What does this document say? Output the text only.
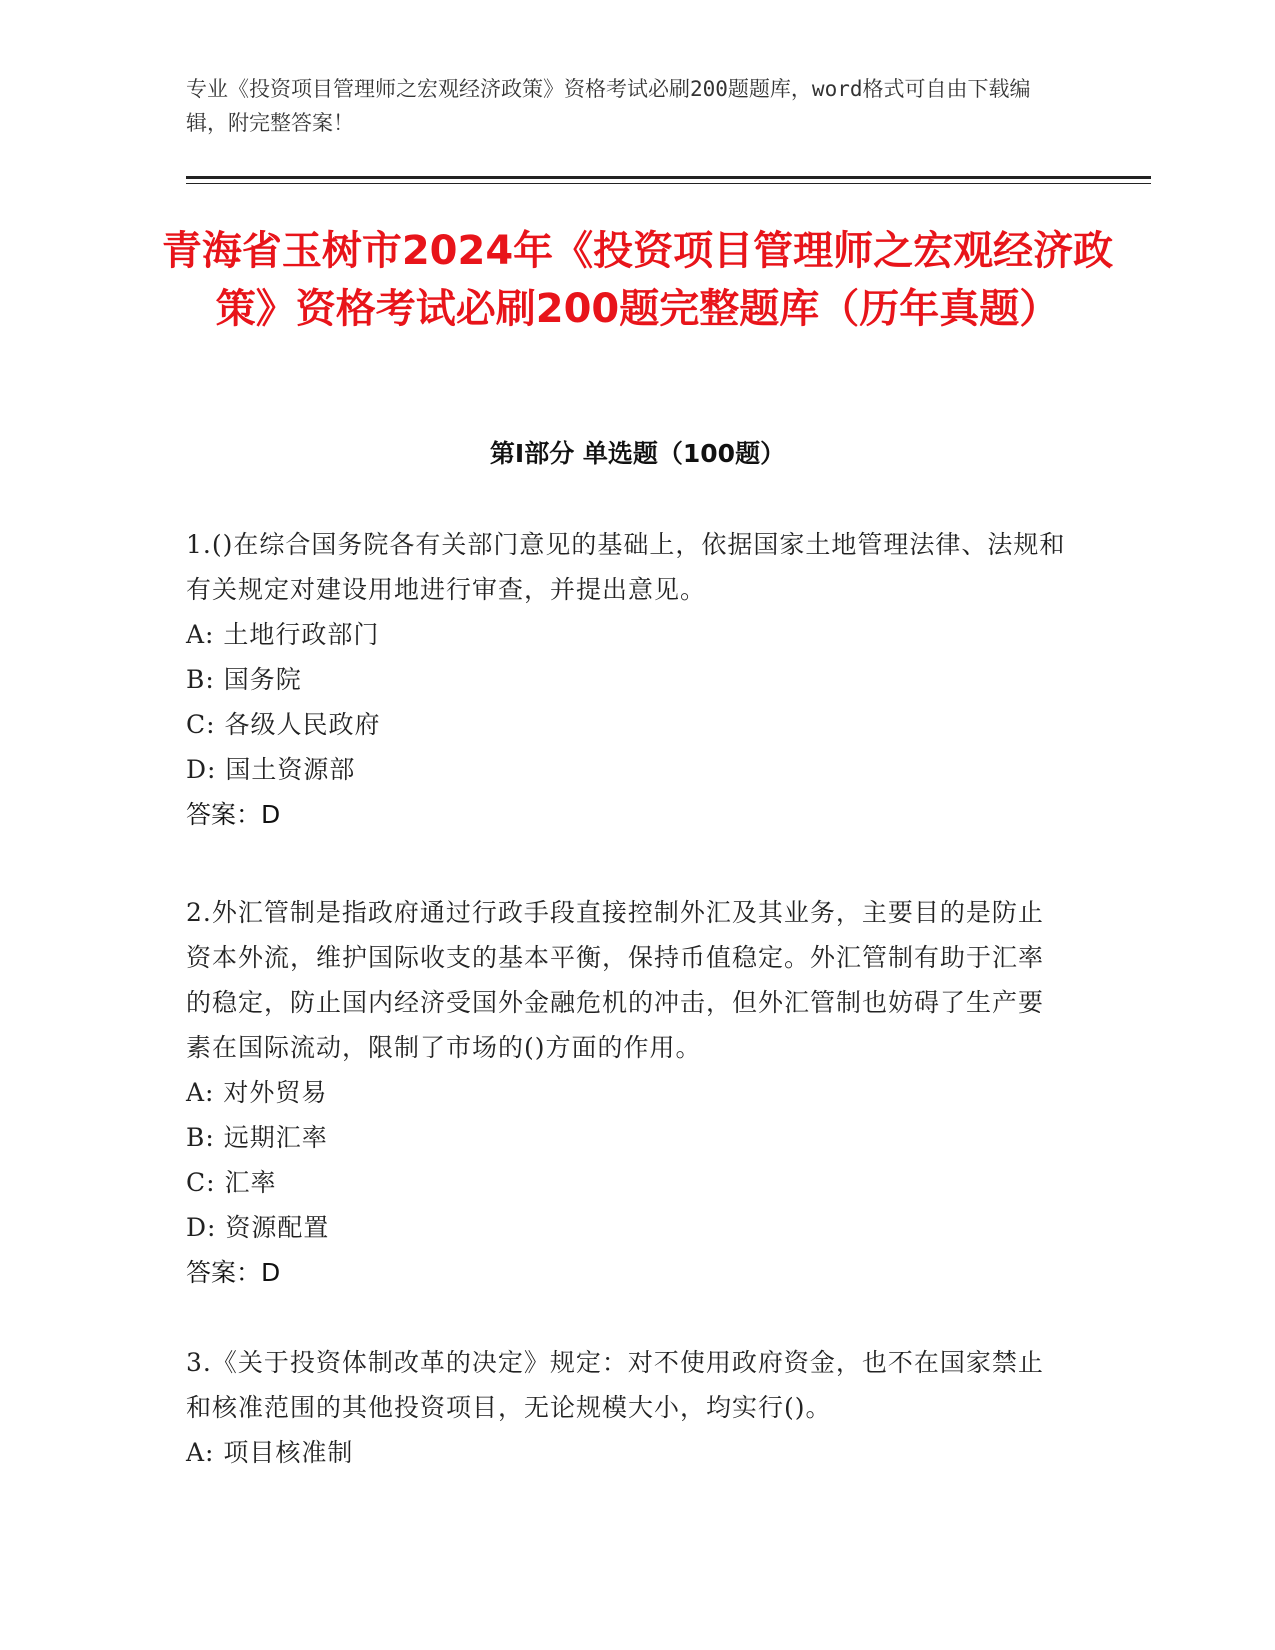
专业《投资项目管理师之宏观经济政策》资格考试必刷200题题库，word格式可自由下载编辑，附完整答案！
青海省玉树市2024年《投资项目管理师之宏观经济政策》资格考试必刷200题完整题库（历年真题）
第I部分 单选题（100题）

1.()在综合国务院各有关部门意见的基础上，依据国家土地管理法律、法规和有关规定对建设用地进行审查，并提出意见。

A: 土地行政部门

B: 国务院

C: 各级人民政府

D: 国土资源部

答案：D

2.外汇管制是指政府通过行政手段直接控制外汇及其业务，主要目的是防止资本外流，维护国际收支的基本平衡，保持币值稳定。外汇管制有助于汇率的稳定，防止国内经济受国外金融危机的冲击，但外汇管制也妨碍了生产要素在国际流动，限制了市场的()方面的作用。

A: 对外贸易

B: 远期汇率

C: 汇率

D: 资源配置

答案：D

3.《关于投资体制改革的决定》规定：对不使用政府资金，也不在国家禁止和核准范围的其他投资项目，无论规模大小，均实行()。

A: 项目核准制
